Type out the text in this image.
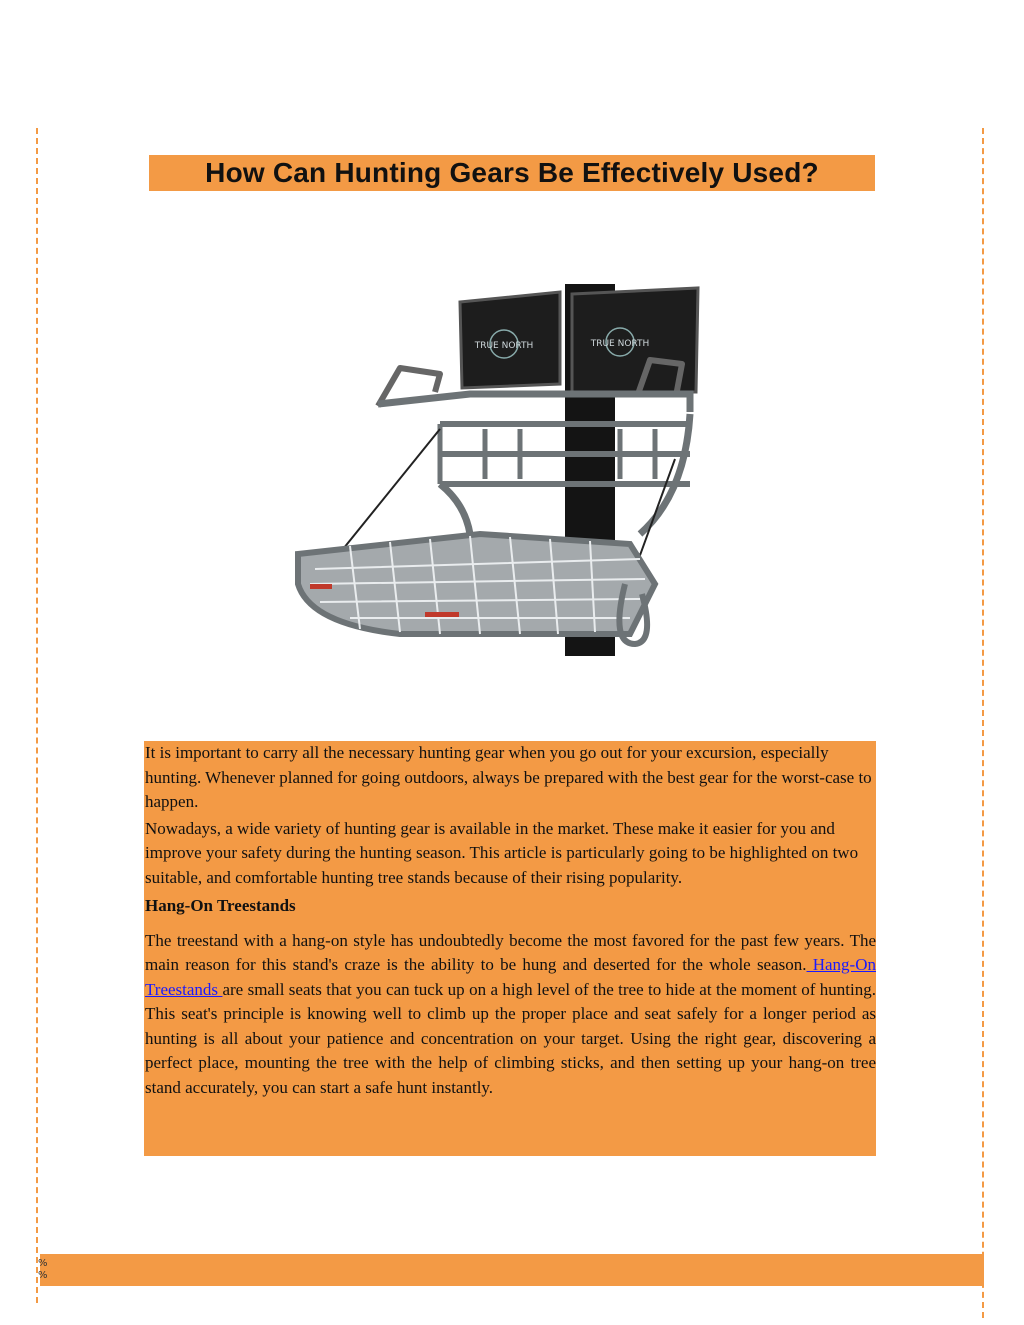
How Can Hunting Gears Be Effectively Used?
TRUE NORTH	TRUE NORTH

It is important to carry all the necessary hunting gear when you go out for your excursion, especially hunting. Whenever planned for going outdoors, always be prepared with the best gear for the worst-case to happen.

Nowadays, a wide variety of hunting gear is available in the market. These make it easier for you and improve your safety during the hunting season. This article is particularly going to be highlighted on two suitable, and comfortable hunting tree stands because of their rising popularity.

Hang-On Treestands

The treestand with a hang-on style has undoubtedly become the most favored for the past few years. The main reason for this stand's craze is the ability to be hung and deserted for the whole season. Hang-On Treestands are small seats that you can tuck up on a high level of the tree to hide at the moment of hunting. This seat's principle is knowing well to climb up the proper place and seat safely for a longer period as hunting is all about your patience and concentration on your target. Using the right gear, discovering a perfect place, mounting the tree with the help of climbing sticks, and then setting up your hang-on tree stand accurately, you can start a safe hunt instantly.

%
%
